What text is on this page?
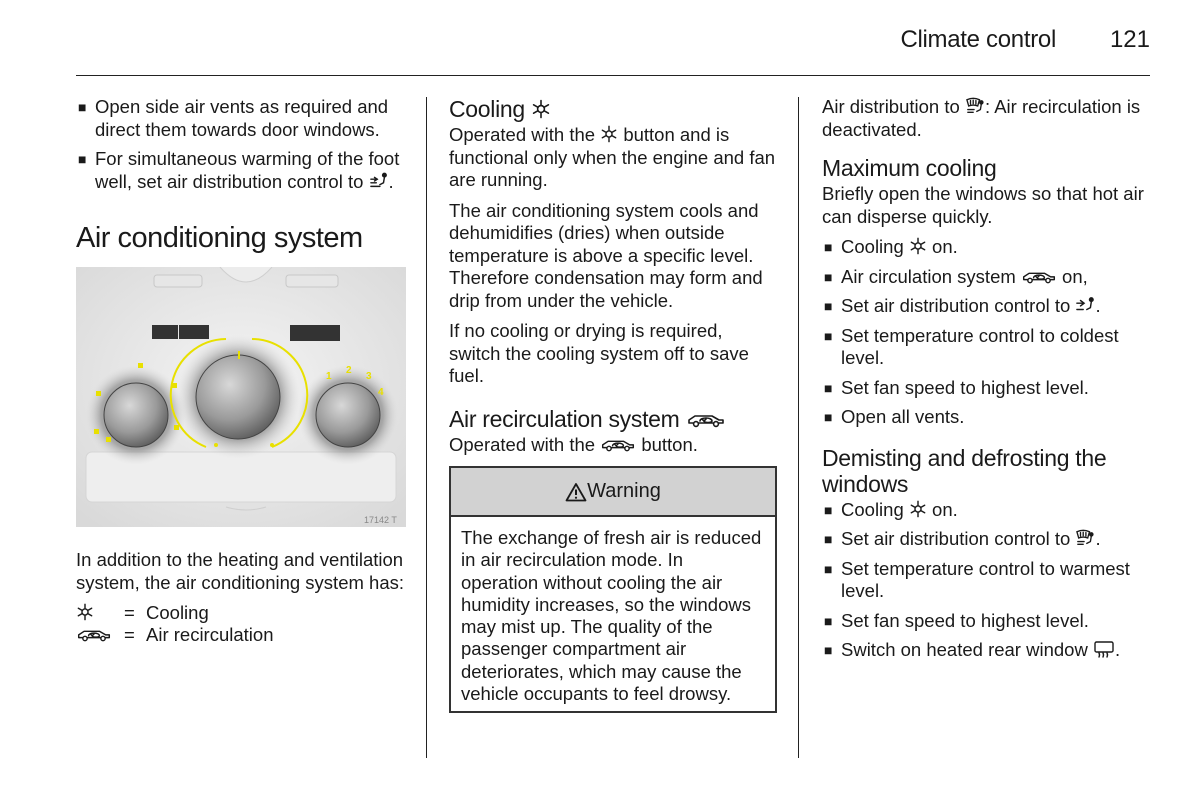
Climate control	121
■ Open side air vents as required and direct them towards door windows.
■ For simultaneous warming of the foot well, set air distribution control to .
Air conditioning system
1
2
3
4
17142 T

In addition to the heating and ventilation system, the air conditioning system has:

= Cooling
= Air recirculation
Cooling

Operated with the button and is functional only when the engine and fan are running.

The air conditioning system cools and dehumidifies (dries) when outside temperature is above a specific level. Therefore condensation may form and drip from under the vehicle.

If no cooling or drying is required, switch the cooling system off to save fuel.

Air recirculation system

Operated with the	button.

Warning
The exchange of fresh air is reduced in air recirculation mode. In operation without cooling the air humidity increases, so the windows may mist up. The quality of the passenger compartment air deteriorates, which may cause the vehicle occupants to feel drowsy.

Air distribution to : Air recirculation is deactivated.

Maximum cooling

Briefly open the windows so that hot air can disperse quickly.

■ Cooling on.
■ Air circulation system	on,
■ Set air distribution control to .
■ Set temperature control to coldest level.
■ Set fan speed to highest level.
■ Open all vents.
Demisting and defrosting the windows
■ Cooling on.
■ Set air distribution control to .
■ Set temperature control to warmest level.
■ Set fan speed to highest level.
■ Switch on heated rear window .
